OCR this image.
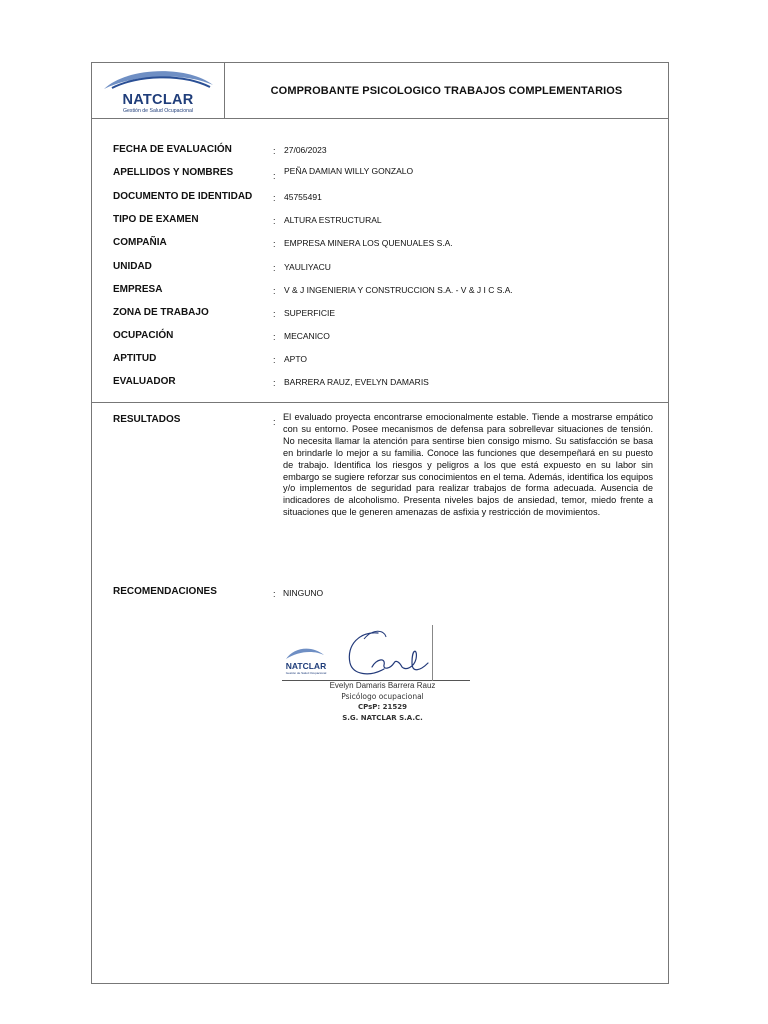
NATCLAR
Gestión de Salud Ocupacional
COMPROBANTE PSICOLOGICO TRABAJOS COMPLEMENTARIOS
FECHA DE EVALUACIÓN	: 27/06/2023
APELLIDOS Y NOMBRES	: PEÑA DAMIAN WILLY GONZALO
DOCUMENTO DE IDENTIDAD : 45755491
TIPO DE EXAMEN	: ALTURA ESTRUCTURAL
COMPAÑIA	: EMPRESA MINERA LOS QUENUALES S.A.
UNIDAD	: YAULIYACU
EMPRESA	: V & J INGENIERIA Y CONSTRUCCION S.A. - V & J I C S.A.
ZONA DE TRABAJO	: SUPERFICIE
OCUPACIÓN	: MECANICO
APTITUD	: APTO
EVALUADOR	: BARRERA RAUZ, EVELYN DAMARIS
RESULTADOS	: El evaluado proyecta encontrarse emocionalmente estable. Tiende a mostrarse empático con su entorno. Posee mecanismos de defensa para sobrellevar situaciones de tensión. No necesita llamar la atención para sentirse bien consigo mismo. Su satisfacción se basa en brindarle lo mejor a su familia. Conoce las funciones que desempeñará en su puesto de trabajo. Identifica los riesgos y peligros a los que está expuesto en su labor sin embargo se sugiere reforzar sus conocimientos en el tema. Además, identifica los equipos y/o implementos de seguridad para realizar trabajos de forma adecuada. Ausencia de indicadores de alcoholismo. Presenta niveles bajos de ansiedad, temor, miedo frente a situaciones que le generen amenazas de asfixia y restricción de movimientos.
RECOMENDACIONES	: NINGUNO
NATCLAR
Gestión de Salud Ocupacional
Evelyn Damaris Barrera Rauz
Psicólogo ocupacional
CPsP: 21529
S.G. NATCLAR S.A.C.
